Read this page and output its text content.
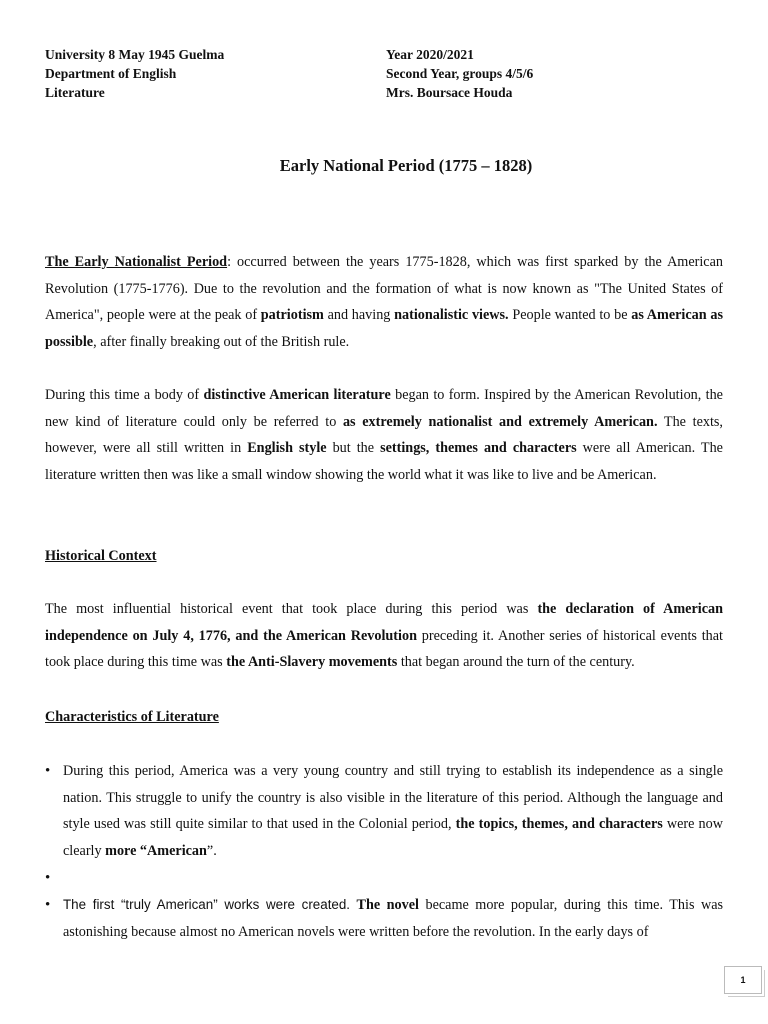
University 8 May 1945 Guelma
Department of English
Literature
Year 2020/2021
Second Year, groups 4/5/6
Mrs. Boursace Houda
Early National Period (1775 – 1828)

The Early Nationalist Period: occurred between the years 1775-1828, which was first sparked by the American Revolution (1775-1776). Due to the revolution and the formation of what is now known as "The United States of America", people were at the peak of patriotism and having nationalistic views. People wanted to be as American as possible, after finally breaking out of the British rule.

During this time a body of distinctive American literature began to form. Inspired by the American Revolution, the new kind of literature could only be referred to as extremely nationalist and extremely American. The texts, however, were all still written in English style but the settings, themes and characters were all American. The literature written then was like a small window showing the world what it was like to live and be American.

Historical Context

The most influential historical event that took place during this period was the declaration of American independence on July 4, 1776, and the American Revolution preceding it. Another series of historical events that took place during this time was the Anti-Slavery movements that began around the turn of the century.

Characteristics of Literature
• During this period, America was a very young country and still trying to establish its independence as a single nation. This struggle to unify the country is also visible in the literature of this period. Although the language and style used was still quite similar to that used in the Colonial period, the topics, themes, and characters were now clearly more “American”.
•
• The first “truly American” works were created. The novel became more popular, during this time. This was astonishing because almost no American novels were written before the revolution. In the early days of
1
